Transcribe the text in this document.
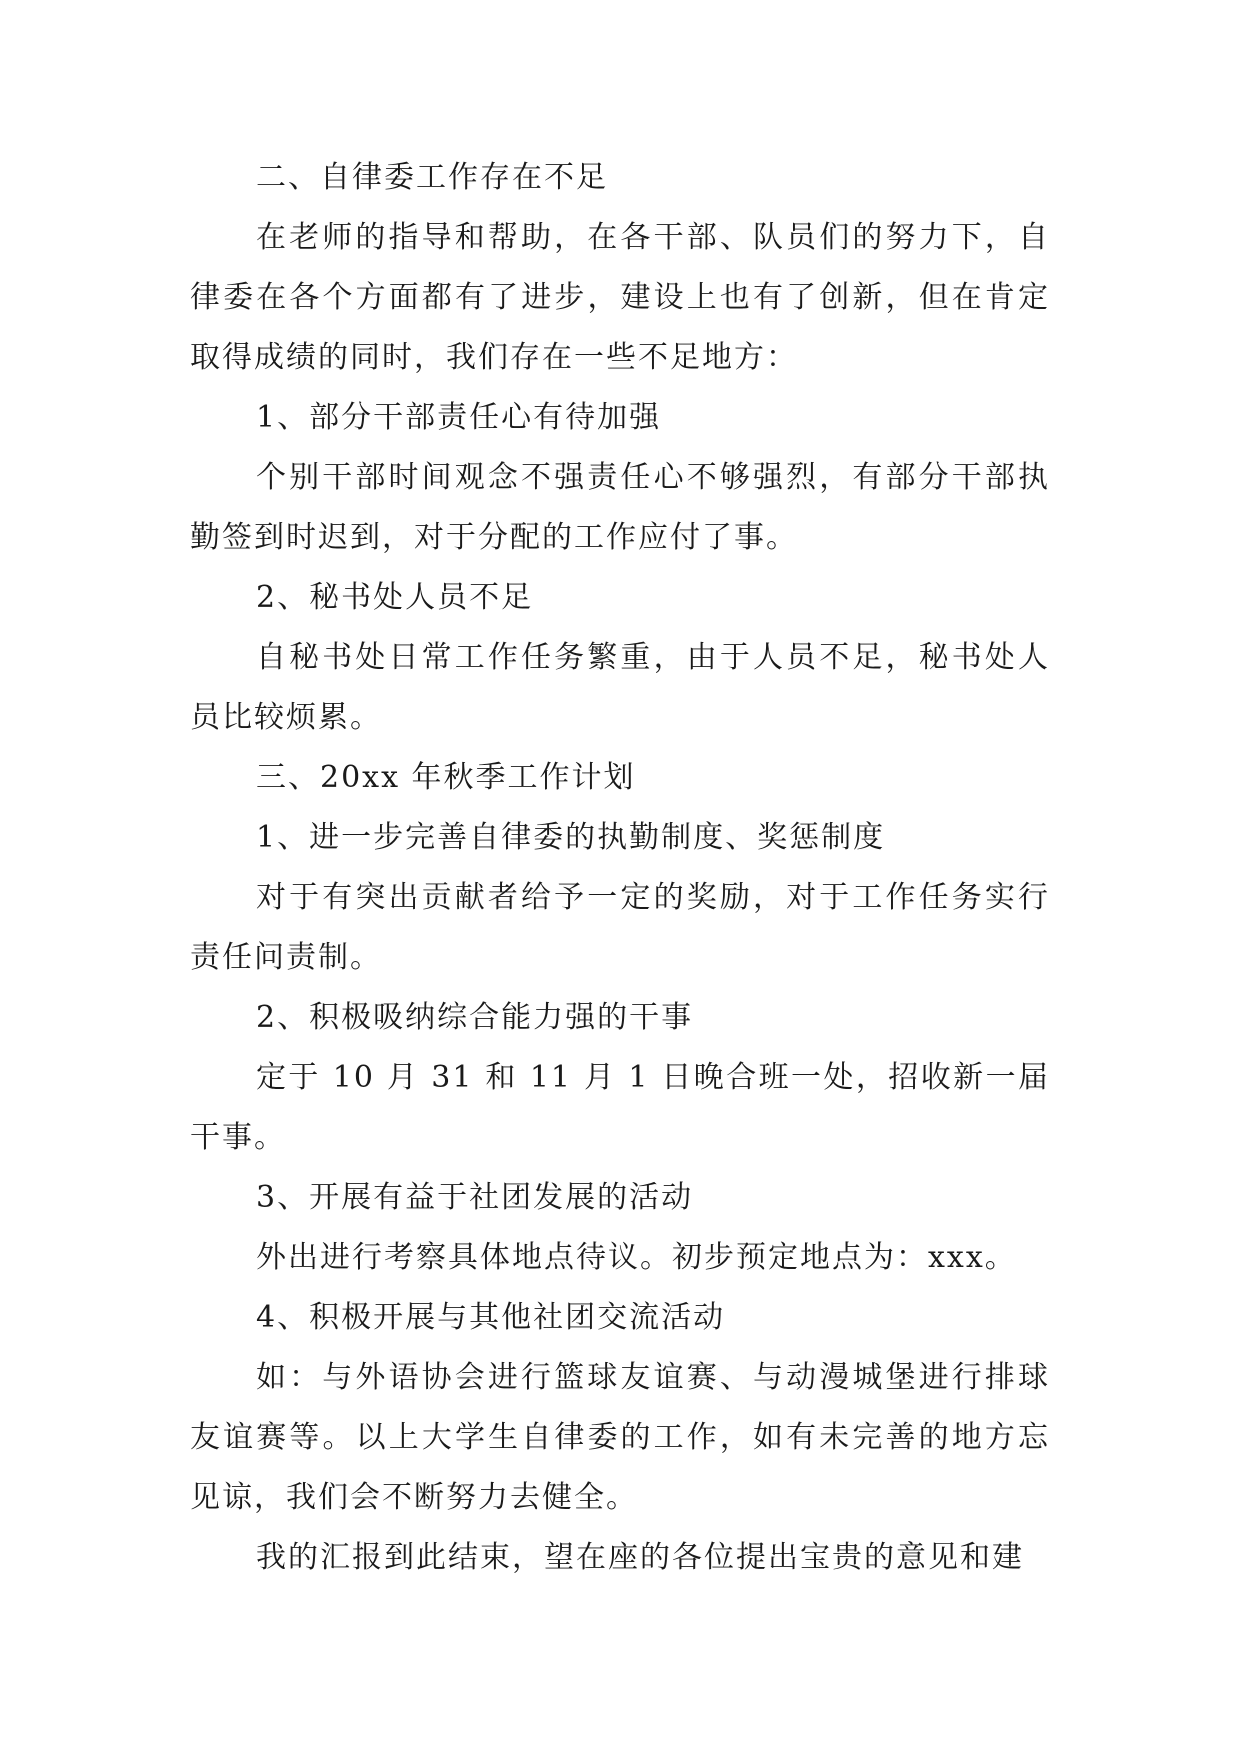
二、自律委工作存在不足

在老师的指导和帮助，在各干部、队员们的努力下，自律委在各个方面都有了进步，建设上也有了创新，但在肯定取得成绩的同时，我们存在一些不足地方：

1、部分干部责任心有待加强

个别干部时间观念不强责任心不够强烈，有部分干部执勤签到时迟到，对于分配的工作应付了事。

2、秘书处人员不足

自秘书处日常工作任务繁重，由于人员不足，秘书处人员比较烦累。

三、20xx 年秋季工作计划

1、进一步完善自律委的执勤制度、奖惩制度

对于有突出贡献者给予一定的奖励，对于工作任务实行责任问责制。

2、积极吸纳综合能力强的干事

定于 10 月 31 和 11 月 1 日晚合班一处，招收新一届干事。

3、开展有益于社团发展的活动

外出进行考察具体地点待议。初步预定地点为：xxx。

4、积极开展与其他社团交流活动

如：与外语协会进行篮球友谊赛、与动漫城堡进行排球友谊赛等。以上大学生自律委的工作，如有未完善的地方忘见谅，我们会不断努力去健全。

我的汇报到此结束，望在座的各位提出宝贵的意见和建
